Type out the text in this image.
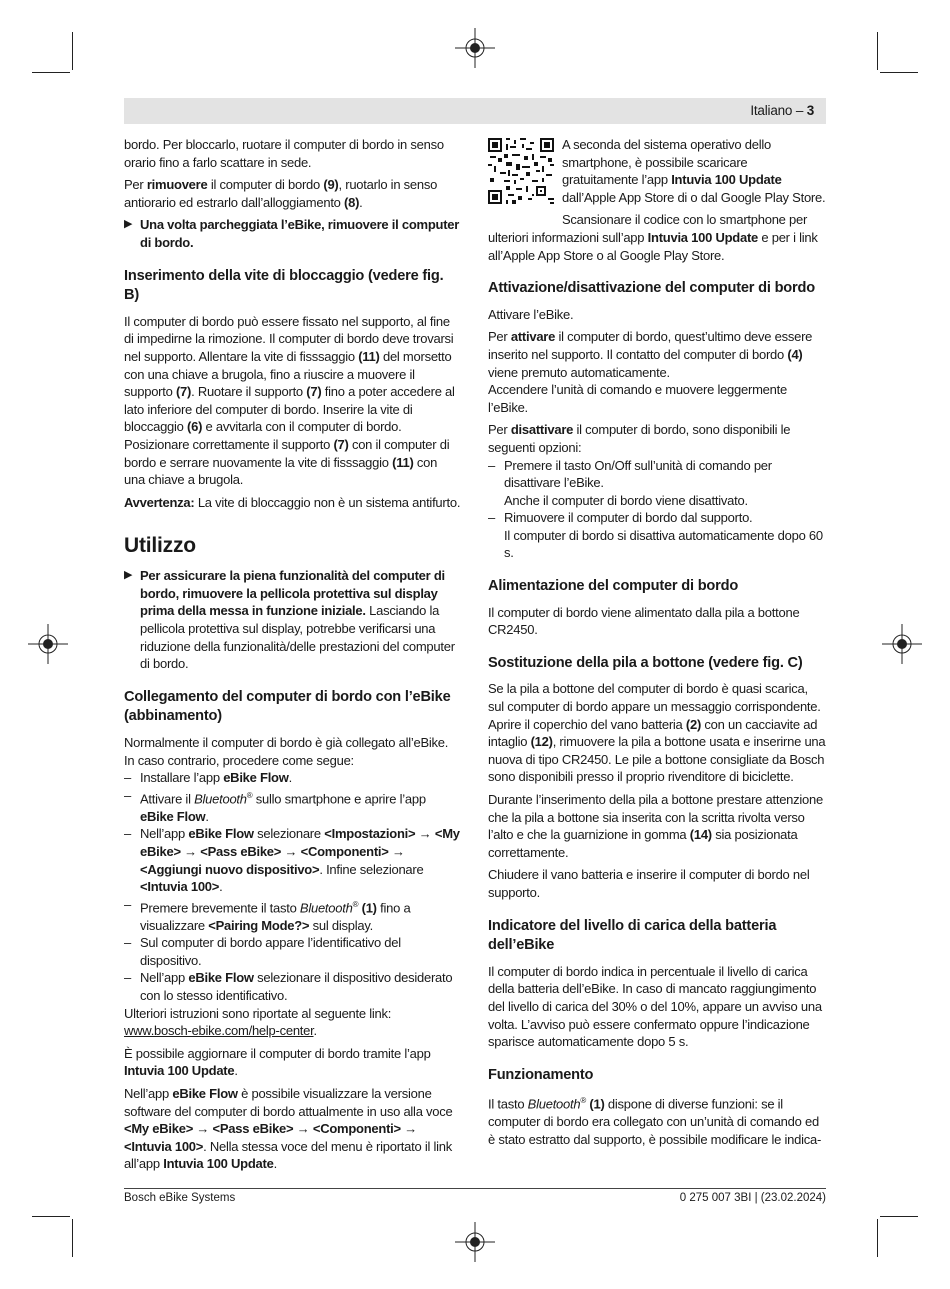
Italiano – 3

bordo. Per bloccarlo, ruotare il computer di bordo in senso orario fino a farlo scattare in sede.

Per rimuovere il computer di bordo (9), ruotarlo in senso antiorario ed estrarlo dall’alloggiamento (8).

▶ Una volta parcheggiata l’eBike, rimuovere il computer di bordo.
Inserimento della vite di bloccaggio (vedere fig. B)

Il computer di bordo può essere fissato nel supporto, al fine di impedirne la rimozione. Il computer di bordo deve trovarsi nel supporto. Allentare la vite di fisssaggio (11) del morsetto con una chiave a brugola, fino a riuscire a muovere il supporto (7). Ruotare il supporto (7) fino a poter accedere al lato inferiore del computer di bordo. Inserire la vite di bloccaggio (6) e avvitarla con il computer di bordo. Posizionare correttamente il supporto (7) con il computer di bordo e serrare nuovamente la vite di fisssaggio (11) con una chiave a brugola.

Avvertenza: La vite di bloccaggio non è un sistema antifurto.

Utilizzo
▶ Per assicurare la piena funzionalità del computer di bordo, rimuovere la pellicola protettiva sul display prima della messa in funzione iniziale. Lasciando la pellicola protettiva sul display, potrebbe verificarsi una riduzione della funzionalità/delle prestazioni del computer di bordo.
Collegamento del computer di bordo con l’eBike (abbinamento)
Normalmente il computer di bordo è già collegato all’eBike.
In caso contrario, procedere come segue:
– Installare l’app eBike Flow.
– Attivare il Bluetooth® sullo smartphone e aprire l’app eBike Flow.
– Nell’app eBike Flow selezionare <Impostazioni> → <My eBike> → <Pass eBike> → <Componenti> → <Aggiungi nuovo dispositivo>. Infine selezionare <Intuvia 100>.
– Premere brevemente il tasto Bluetooth® (1) fino a visualizzare <Pairing Mode?> sul display.
– Sul computer di bordo appare l’identificativo del dispositivo.
– Nell’app eBike Flow selezionare il dispositivo desiderato con lo stesso identificativo.
Ulteriori istruzioni sono riportate al seguente link:

www.bosch-ebike.com/help-center.

È possibile aggiornare il computer di bordo tramite l’app Intuvia 100 Update.

Nell’app eBike Flow è possibile visualizzare la versione software del computer di bordo attualmente in uso alla voce <My eBike> → <Pass eBike> → <Componenti> → <Intuvia 100>. Nella stessa voce del menu è riportato il link all’app Intuvia 100 Update.

A seconda del sistema operativo dello smartphone, è possibile scaricare gratuitamente l’app Intuvia 100 Update dall’Apple App Store di o dal Google Play Store.

Scansionare il codice con lo smartphone per ulteriori informazioni sull’app Intuvia 100 Update e per i link all’Apple App Store o al Google Play Store.

Attivazione/disattivazione del computer di bordo

Attivare l’eBike.

Per attivare il computer di bordo, quest’ultimo deve essere inserito nel supporto. Il contatto del computer di bordo (4) viene premuto automaticamente.

Accendere l’unità di comando e muovere leggermente l’eBike.

Per disattivare il computer di bordo, sono disponibili le seguenti opzioni:
– Premere il tasto On/Off sull’unità di comando per disattivare l’eBike.
Anche il computer di bordo viene disattivato.
– Rimuovere il computer di bordo dal supporto.
Il computer di bordo si disattiva automaticamente dopo 60 s.
Alimentazione del computer di bordo

Il computer di bordo viene alimentato dalla pila a bottone CR2450.

Sostituzione della pila a bottone (vedere fig. C)

Se la pila a bottone del computer di bordo è quasi scarica, sul computer di bordo appare un messaggio corrispondente. Aprire il coperchio del vano batteria (2) con un cacciavite ad intaglio (12), rimuovere la pila a bottone usata e inserirne una nuova di tipo CR2450. Le pile a bottone consigliate da Bosch sono disponibili presso il proprio rivenditore di biciclette.

Durante l’inserimento della pila a bottone prestare attenzione che la pila a bottone sia inserita con la scritta rivolta verso l’alto e che la guarnizione in gomma (14) sia posizionata correttamente.

Chiudere il vano batteria e inserire il computer di bordo nel supporto.

Indicatore del livello di carica della batteria dell’eBike

Il computer di bordo indica in percentuale il livello di carica della batteria dell’eBike. In caso di mancato raggiungimento del livello di carica del 30% o del 10%, appare un avviso una volta. L’avviso può essere confermato oppure l’indicazione sparisce automaticamente dopo 5 s.

Funzionamento

Il tasto Bluetooth® (1) dispone di diverse funzioni: se il computer di bordo era collegato con un’unità di comando ed è stato estratto dal supporto, è possibile modificare le indica-

Bosch eBike Systems	0 275 007 3BI | (23.02.2024)
